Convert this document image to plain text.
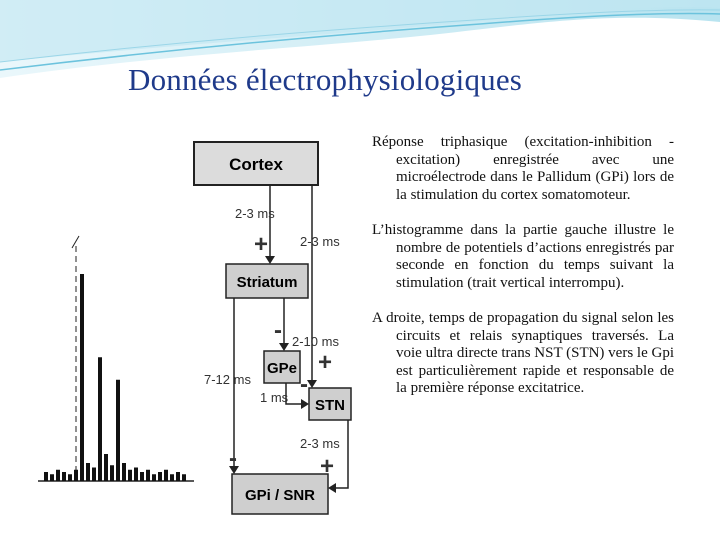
Données électrophysiologiques
Cortex
Striatum
GPe
STN
GPi / SNR
2-3 ms
2-3 ms
2-10 ms
7-12 ms
1 ms
2-3 ms
+
+
-
-
-
+

Réponse triphasique (excitation-inhibition -excitation) enregistrée avec une microélectrode dans le Pallidum (GPi) lors de la stimulation du cortex somatomoteur.

L’histogramme dans la partie gauche illustre le nombre de potentiels d’actions enregistrés par seconde en fonction du temps suivant la stimulation (trait vertical interrompu).

A droite, temps de propagation du signal selon les circuits et relais synaptiques traversés. La voie ultra directe trans NST (STN) vers le Gpi est particulièrement rapide et responsable de la première réponse excitatrice.
